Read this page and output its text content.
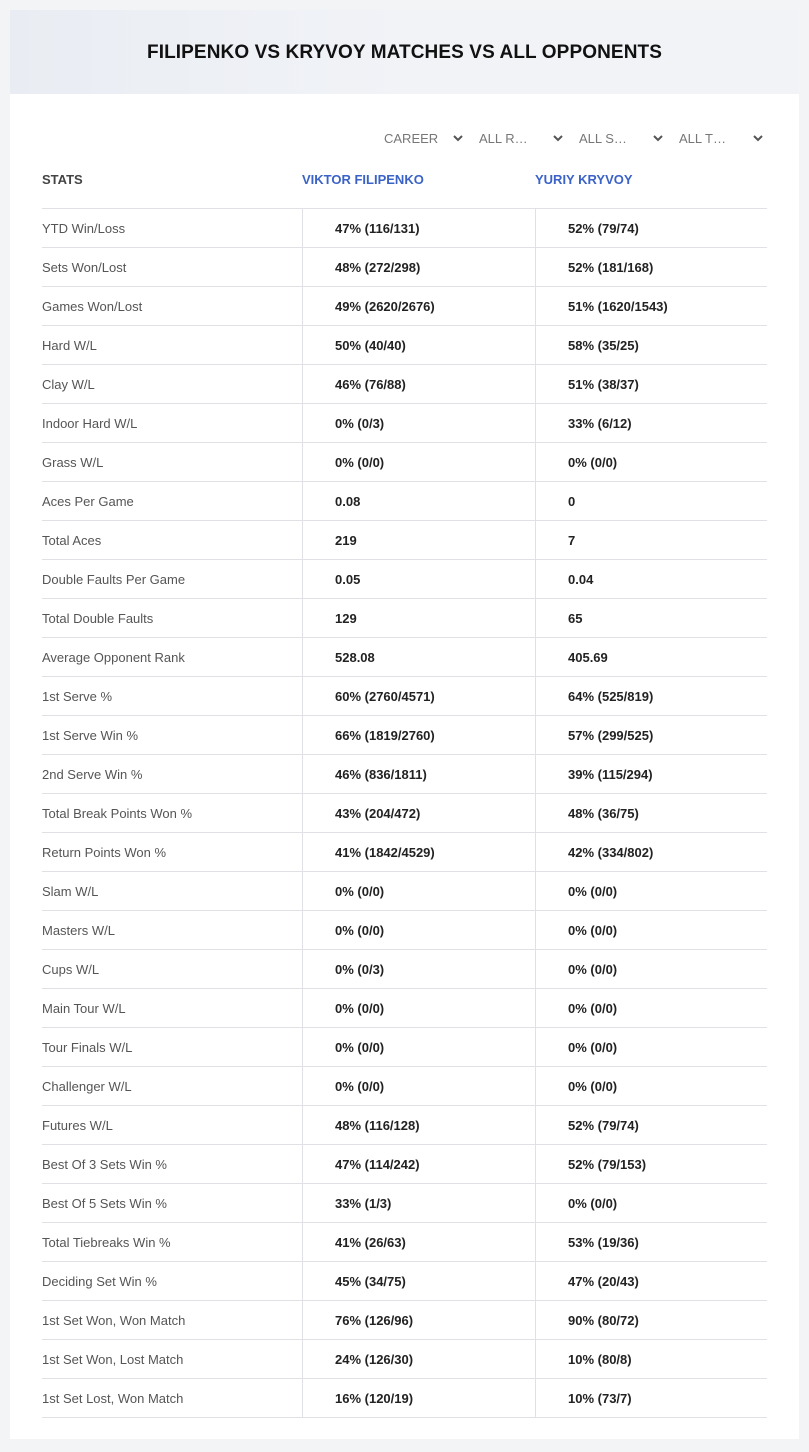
FILIPENKO VS KRYVOY MATCHES VS ALL OPPONENTS
CAREER	ALL R…	ALL S…	ALL T…
STATS	VIKTOR FILIPENKO	YURIY KRYVOY
YTD Win/Loss	47% (116/131)	52% (79/74)
Sets Won/Lost	48% (272/298)	52% (181/168)
Games Won/Lost	49% (2620/2676)	51% (1620/1543)
Hard W/L	50% (40/40)	58% (35/25)
Clay W/L	46% (76/88)	51% (38/37)
Indoor Hard W/L	0% (0/3)	33% (6/12)
Grass W/L	0% (0/0)	0% (0/0)
Aces Per Game	0.08	0
Total Aces	219	7
Double Faults Per Game	0.05	0.04
Total Double Faults	129	65
Average Opponent Rank	528.08	405.69
1st Serve %	60% (2760/4571)	64% (525/819)
1st Serve Win %	66% (1819/2760)	57% (299/525)
2nd Serve Win %	46% (836/1811)	39% (115/294)
Total Break Points Won %	43% (204/472)	48% (36/75)
Return Points Won %	41% (1842/4529)	42% (334/802)
Slam W/L	0% (0/0)	0% (0/0)
Masters W/L	0% (0/0)	0% (0/0)
Cups W/L	0% (0/3)	0% (0/0)
Main Tour W/L	0% (0/0)	0% (0/0)
Tour Finals W/L	0% (0/0)	0% (0/0)
Challenger W/L	0% (0/0)	0% (0/0)
Futures W/L	48% (116/128)	52% (79/74)
Best Of 3 Sets Win %	47% (114/242)	52% (79/153)
Best Of 5 Sets Win %	33% (1/3)	0% (0/0)
Total Tiebreaks Win %	41% (26/63)	53% (19/36)
Deciding Set Win %	45% (34/75)	47% (20/43)
1st Set Won, Won Match	76% (126/96)	90% (80/72)
1st Set Won, Lost Match	24% (126/30)	10% (80/8)
1st Set Lost, Won Match	16% (120/19)	10% (73/7)
